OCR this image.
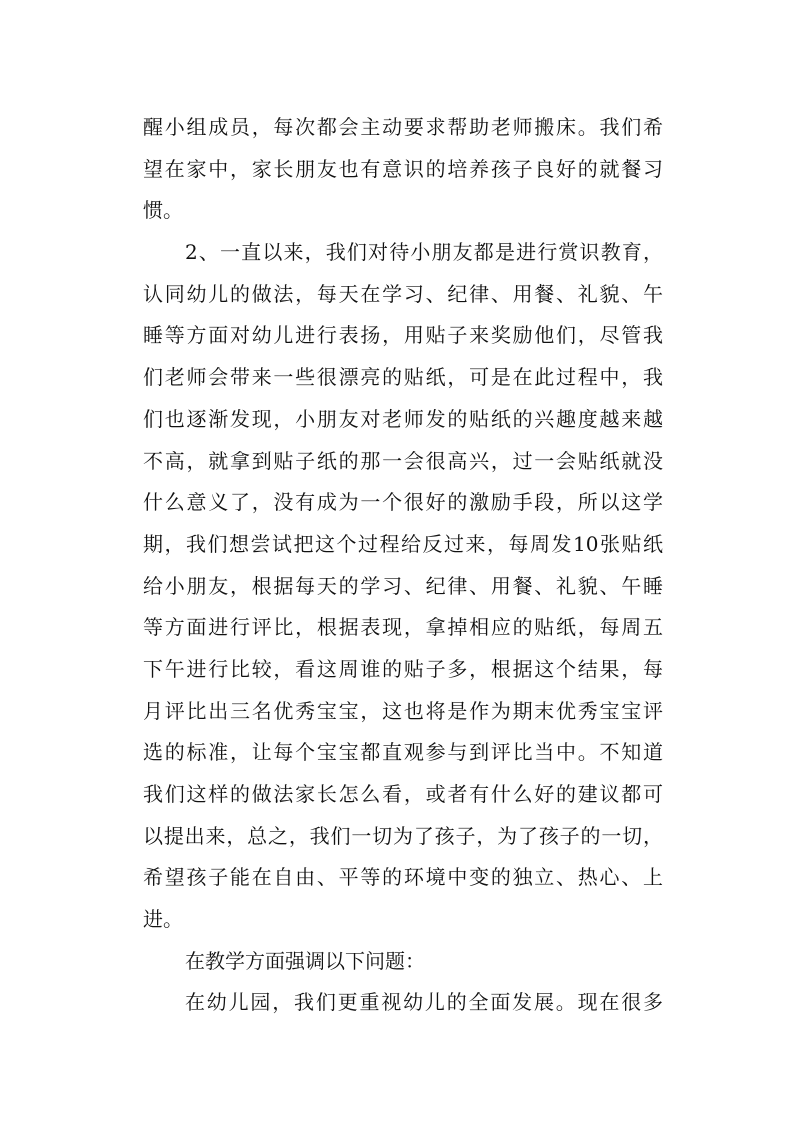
醒小组成员，每次都会主动要求帮助老师搬床。我们希
望在家中，家长朋友也有意识的培养孩子良好的就餐习
惯。
2、一直以来，我们对待小朋友都是进行赏识教育，
认同幼儿的做法，每天在学习、纪律、用餐、礼貌、午
睡等方面对幼儿进行表扬，用贴子来奖励他们，尽管我
们老师会带来一些很漂亮的贴纸，可是在此过程中，我
们也逐渐发现，小朋友对老师发的贴纸的兴趣度越来越
不高，就拿到贴子纸的那一会很高兴，过一会贴纸就没
什么意义了，没有成为一个很好的激励手段，所以这学
期，我们想尝试把这个过程给反过来，每周发10张贴纸
给小朋友，根据每天的学习、纪律、用餐、礼貌、午睡
等方面进行评比，根据表现，拿掉相应的贴纸，每周五
下午进行比较，看这周谁的贴子多，根据这个结果，每
月评比出三名优秀宝宝，这也将是作为期末优秀宝宝评
选的标准，让每个宝宝都直观参与到评比当中。不知道
我们这样的做法家长怎么看，或者有什么好的建议都可
以提出来，总之，我们一切为了孩子，为了孩子的一切，
希望孩子能在自由、平等的环境中变的独立、热心、上
进。
在教学方面强调以下问题：
在幼儿园，我们更重视幼儿的全面发展。现在很多
